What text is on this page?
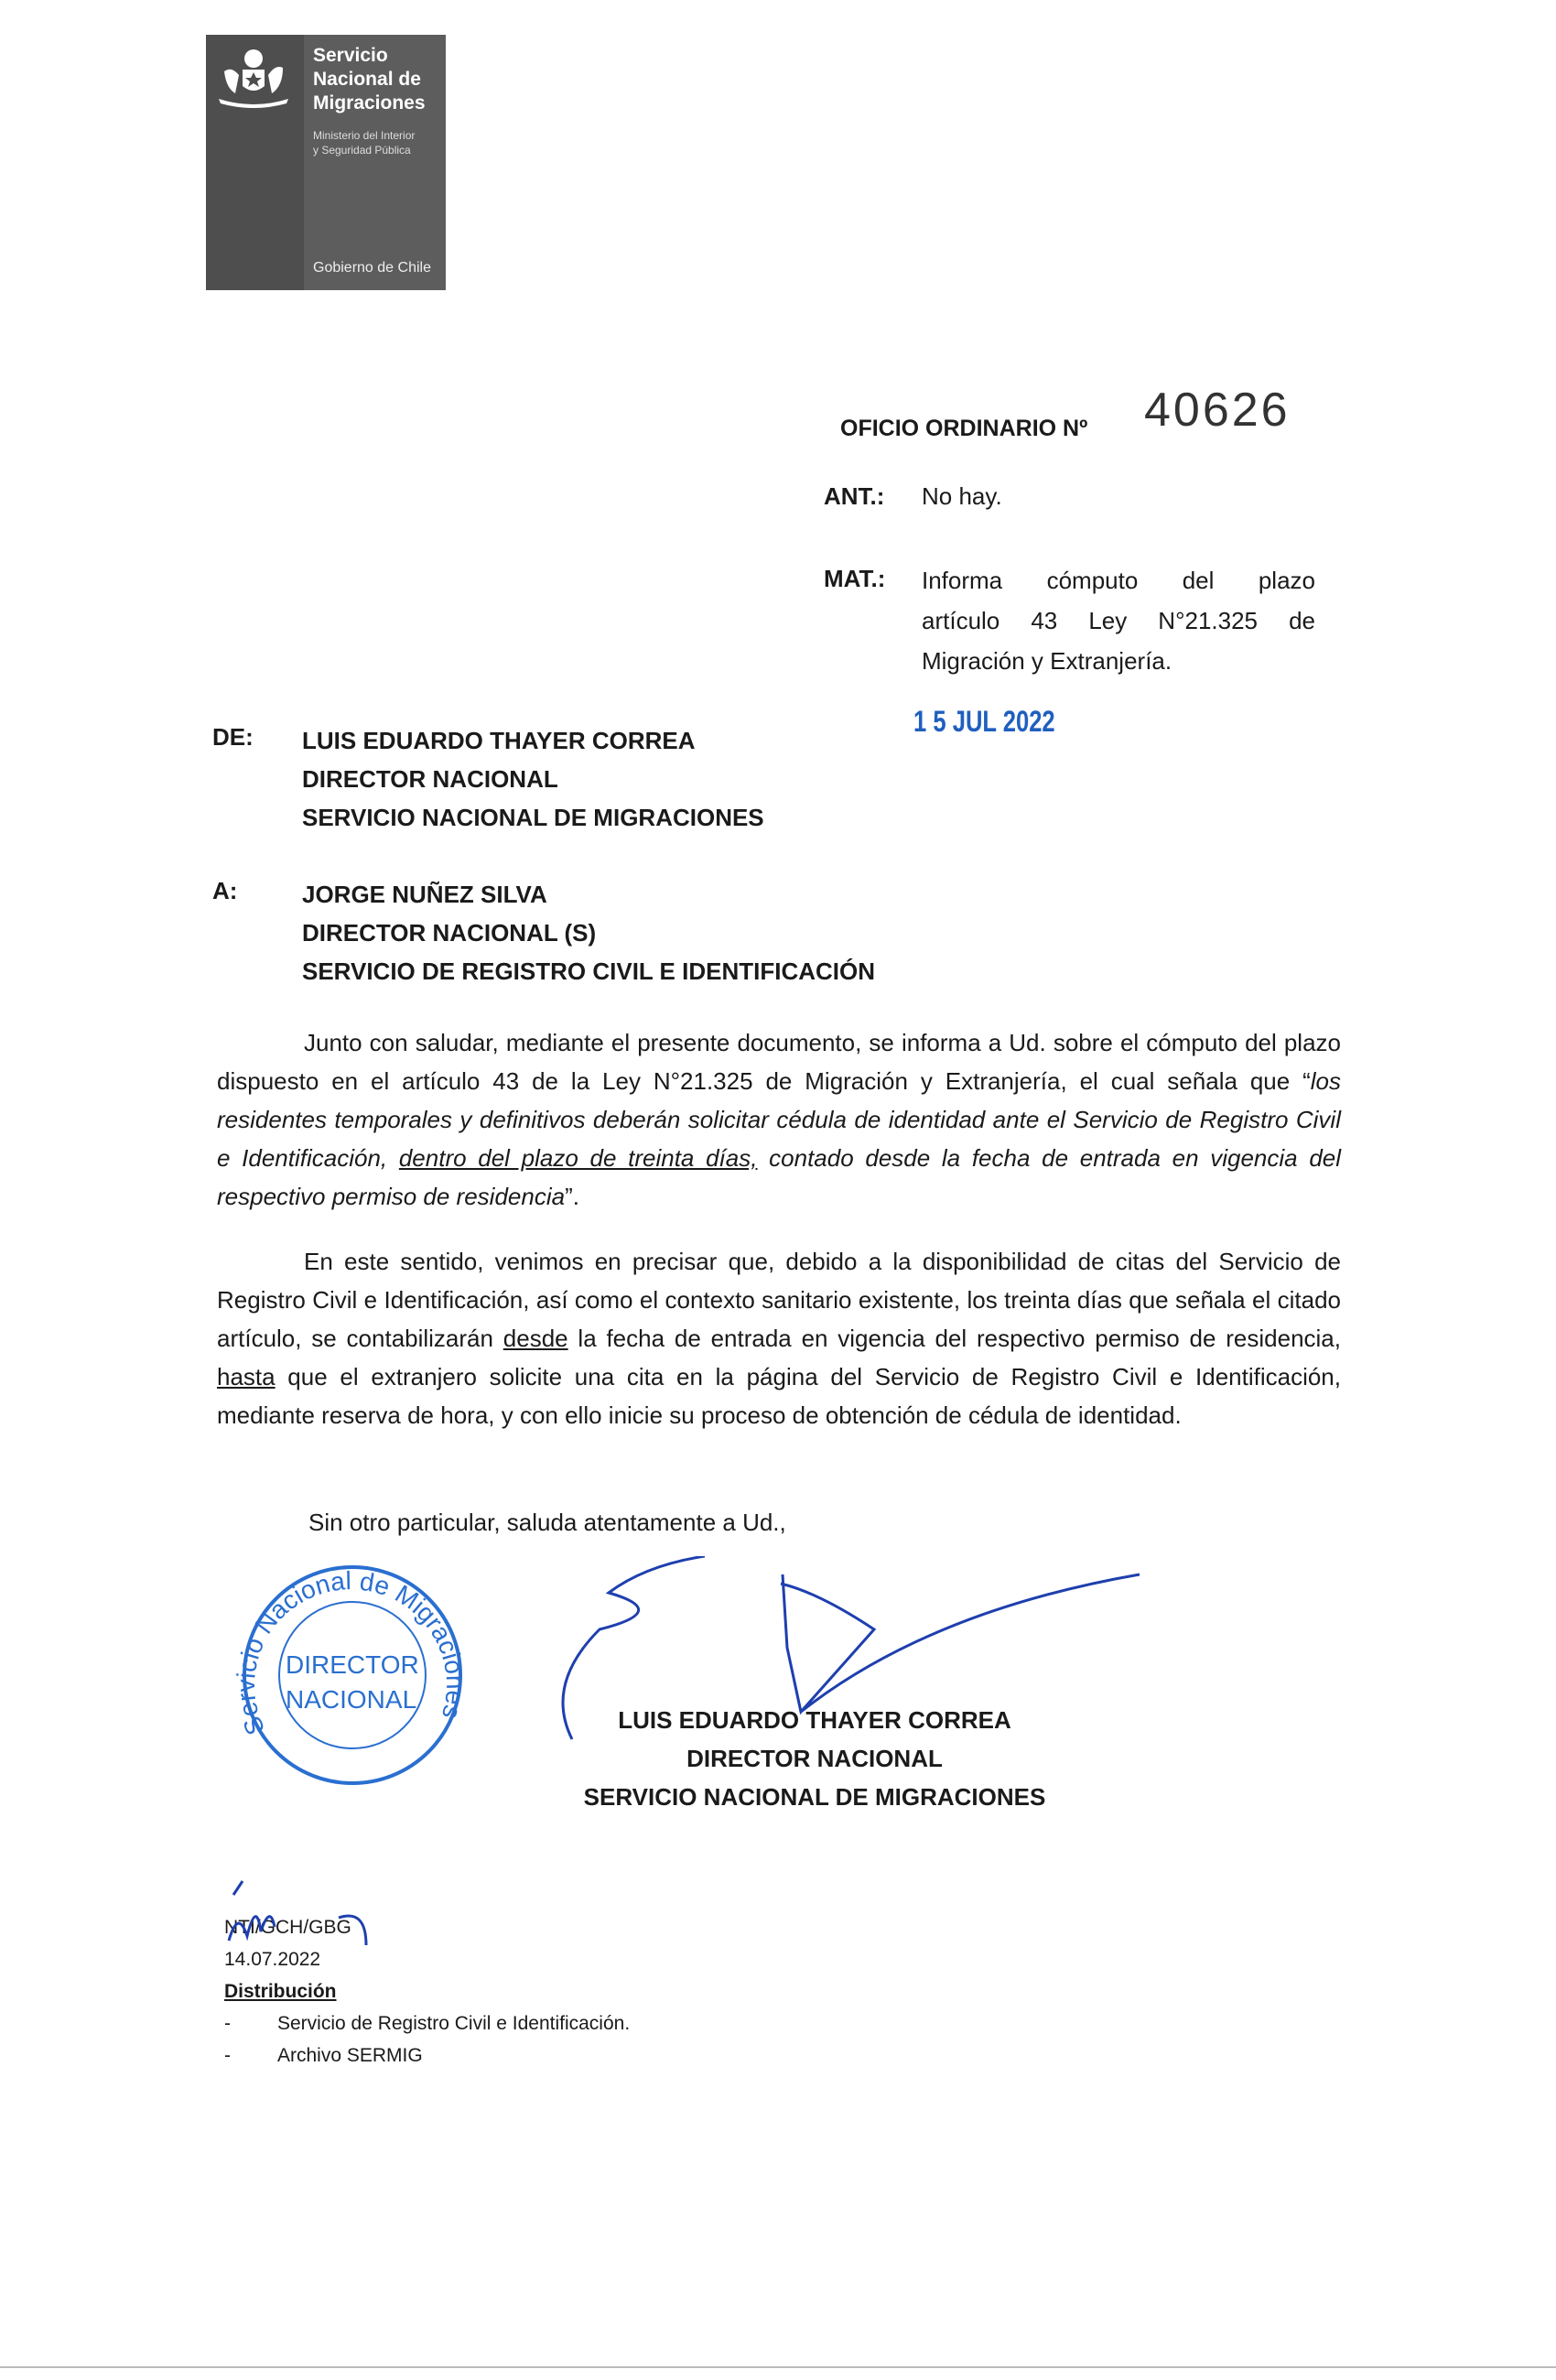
Servicio
Nacional de
Migraciones
Ministerio del Interior
y Seguridad Pública
Gobierno de Chile
OFICIO ORDINARIO Nº 40626
ANT.: No hay.
MAT.: Informa cómputo del plazo
artículo 43 Ley N°21.325 de
Migración y Extranjería.
1 5 JUL 2022
DE: LUIS EDUARDO THAYER CORREA
DIRECTOR NACIONAL
SERVICIO NACIONAL DE MIGRACIONES
A:	JORGE NUÑEZ SILVA
DIRECTOR NACIONAL (S)
SERVICIO DE REGISTRO CIVIL E IDENTIFICACIÓN
Junto con saludar, mediante el presente documento, se informa a Ud. sobre el cómputo del plazo dispuesto en el artículo 43 de la Ley N°21.325 de Migración y Extranjería, el cual señala que “los residentes temporales y definitivos deberán solicitar cédula de identidad ante el Servicio de Registro Civil e Identificación, dentro del plazo de treinta días, contado desde la fecha de entrada en vigencia del respectivo permiso de residencia”.
En este sentido, venimos en precisar que, debido a la disponibilidad de citas del Servicio de Registro Civil e Identificación, así como el contexto sanitario existente, los treinta días que señala el citado artículo, se contabilizarán desde la fecha de entrada en vigencia del respectivo permiso de residencia, hasta que el extranjero solicite una cita en la página del Servicio de Registro Civil e Identificación, mediante reserva de hora, y con ello inicie su proceso de obtención de cédula de identidad.
Sin otro particular, saluda atentamente a Ud.,
Servicio Nacional de Migraciones
DIRECTOR
NACIONAL
LUIS EDUARDO THAYER CORREA
DIRECTOR NACIONAL
SERVICIO NACIONAL DE MIGRACIONES
NTI/GCH/GBG
14.07.2022
Distribución
- Servicio de Registro Civil e Identificación.
- Archivo SERMIG
